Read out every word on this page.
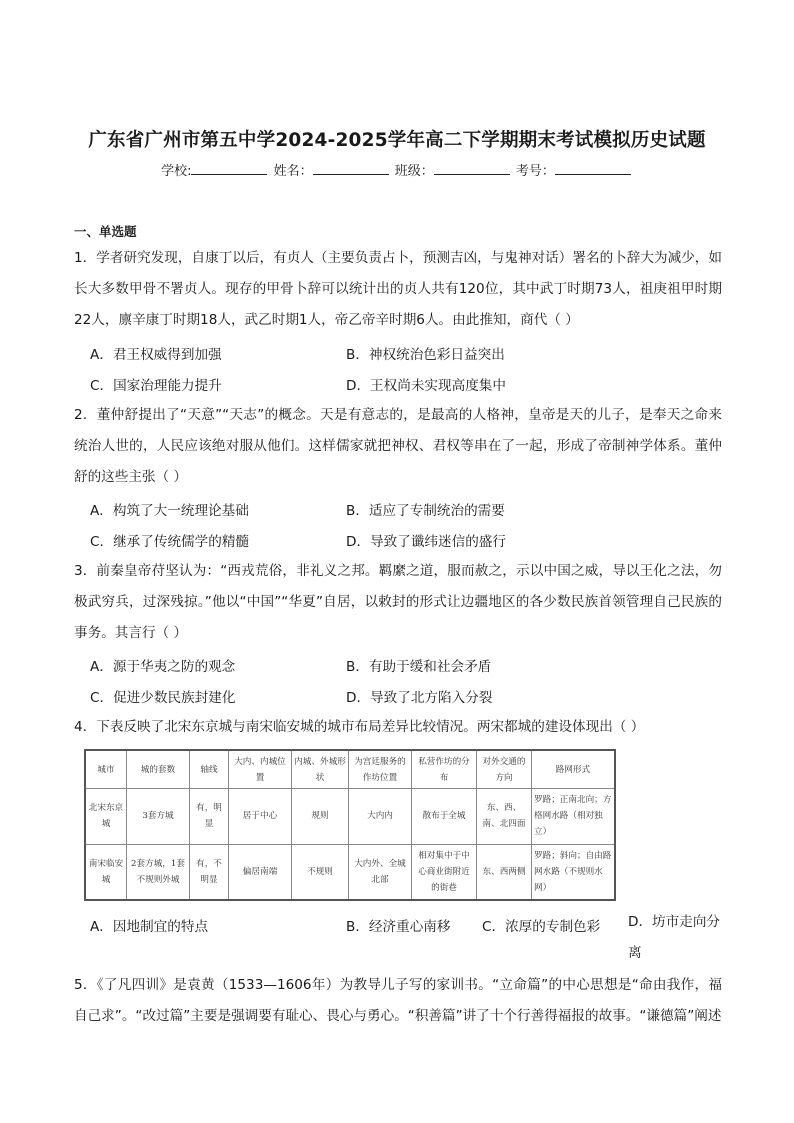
广东省广州市第五中学2024-2025学年高二下学期期末考试模拟历史试题
学校:	姓名：	班级：	考号：
一、单选题
1．学者研究发现，自康丁以后，有贞人（主要负责占卜，预测吉凶，与鬼神对话）署名的卜辞大为减少，如长大多数甲骨不署贞人。现存的甲骨卜辞可以统计出的贞人共有120位，其中武丁时期73人，祖庚祖甲时期22人，廪辛康丁时期18人，武乙时期1人，帝乙帝辛时期6人。由此推知，商代（ ）
A．君王权威得到加强	B．神权统治色彩日益突出
C．国家治理能力提升	D．王权尚未实现高度集中
2．董仲舒提出了“天意”“天志”的概念。天是有意志的，是最高的人格神，皇帝是天的儿子，是奉天之命来统治人世的，人民应该绝对服从他们。这样儒家就把神权、君权等串在了一起，形成了帝制神学体系。董仲舒的这些主张（ ）
A．构筑了大一统理论基础	B．适应了专制统治的需要
C．继承了传统儒学的精髓	D．导致了谶纬迷信的盛行
3．前秦皇帝苻坚认为：“西戎荒俗，非礼义之邦。羁縻之道，服而赦之，示以中国之威，导以王化之法，勿极武穷兵，过深残掠。”他以“中国”“华夏”自居，以敕封的形式让边疆地区的各少数民族首领管理自己民族的事务。其言行（ ）
A．源于华夷之防的观念	B．有助于缓和社会矛盾
C．促进少数民族封建化	D．导致了北方陷入分裂
4．下表反映了北宋东京城与南宋临安城的城市布局差异比较情况。两宋都城的建设体现出（ ）
城市	城的套数	轴线	大内、内城位置	内城、外城形状	为宫廷服务的作坊位置	私营作坊的分布	对外交通的方向	路网形式
北宋东京城	3套方城	有，明显	居于中心	规则	大内内	散布于全城	东、西、南、北四面	罗路；正南北向；方格网水路（相对独立）
南宋临安城	2套方城，1套不规则外城	有，不明显	偏居南端	不规则	大内外、全城北部	相对集中于中心商业街附近的街巷	东、西两侧	罗路；斜向；自由路网水路（不规则水网）
A．因地制宜的特点	B．经济重心南移 C．浓厚的专制色彩 D．坊市走向分离
5．《了凡四训》是袁黄（1533—1606年）为教导儿子写的家训书。“立命篇”的中心思想是“命由我作，福自己求”。“改过篇”主要是强调要有耻心、畏心与勇心。“积善篇”讲了十个行善得福报的故事。“谦德篇”阐述
